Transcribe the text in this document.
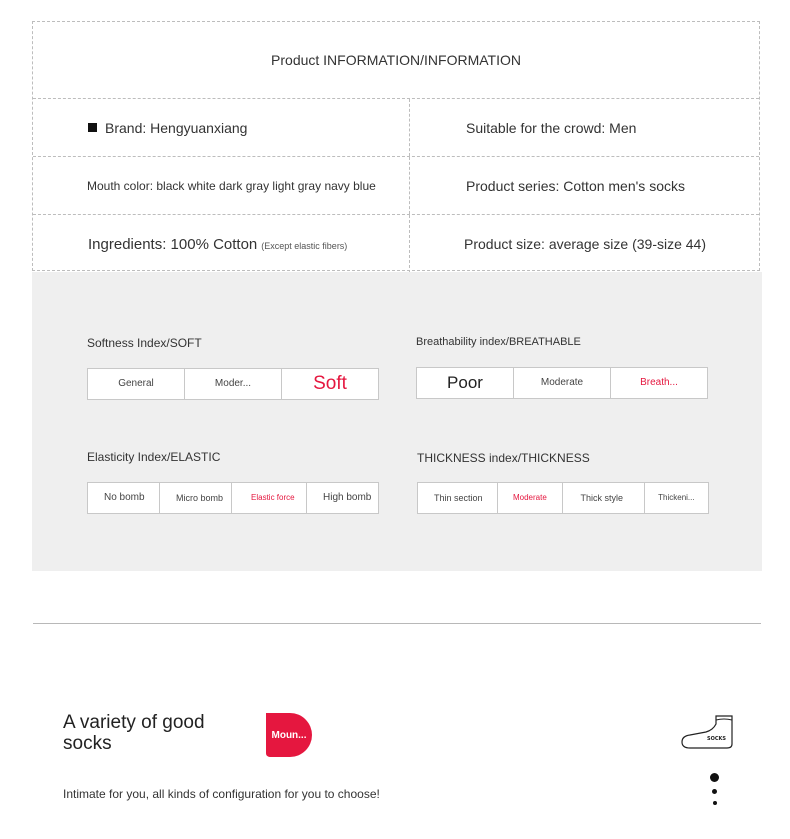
Product INFORMATION/INFORMATION
Brand: Hengyuanxiang	Suitable for the crowd: Men
Mouth color: black white dark gray light gray navy blue	Product series: Cotton men's socks
Ingredients: 100% Cotton (Except elastic fibers)	Product size: average size (39-size 44)
Softness Index/SOFT
General	Moder...	Soft
Breathability index/BREATHABLE
Poor	Moderate	Breath...
Elasticity Index/ELASTIC
No bomb	Micro bomb	Elastic force	High bomb
THICKNESS index/THICKNESS
Thin section	Moderate	Thick style	Thickeni...
A variety of good socks	Moun...
Intimate for you, all kinds of configuration for you to choose!
SOCKS
